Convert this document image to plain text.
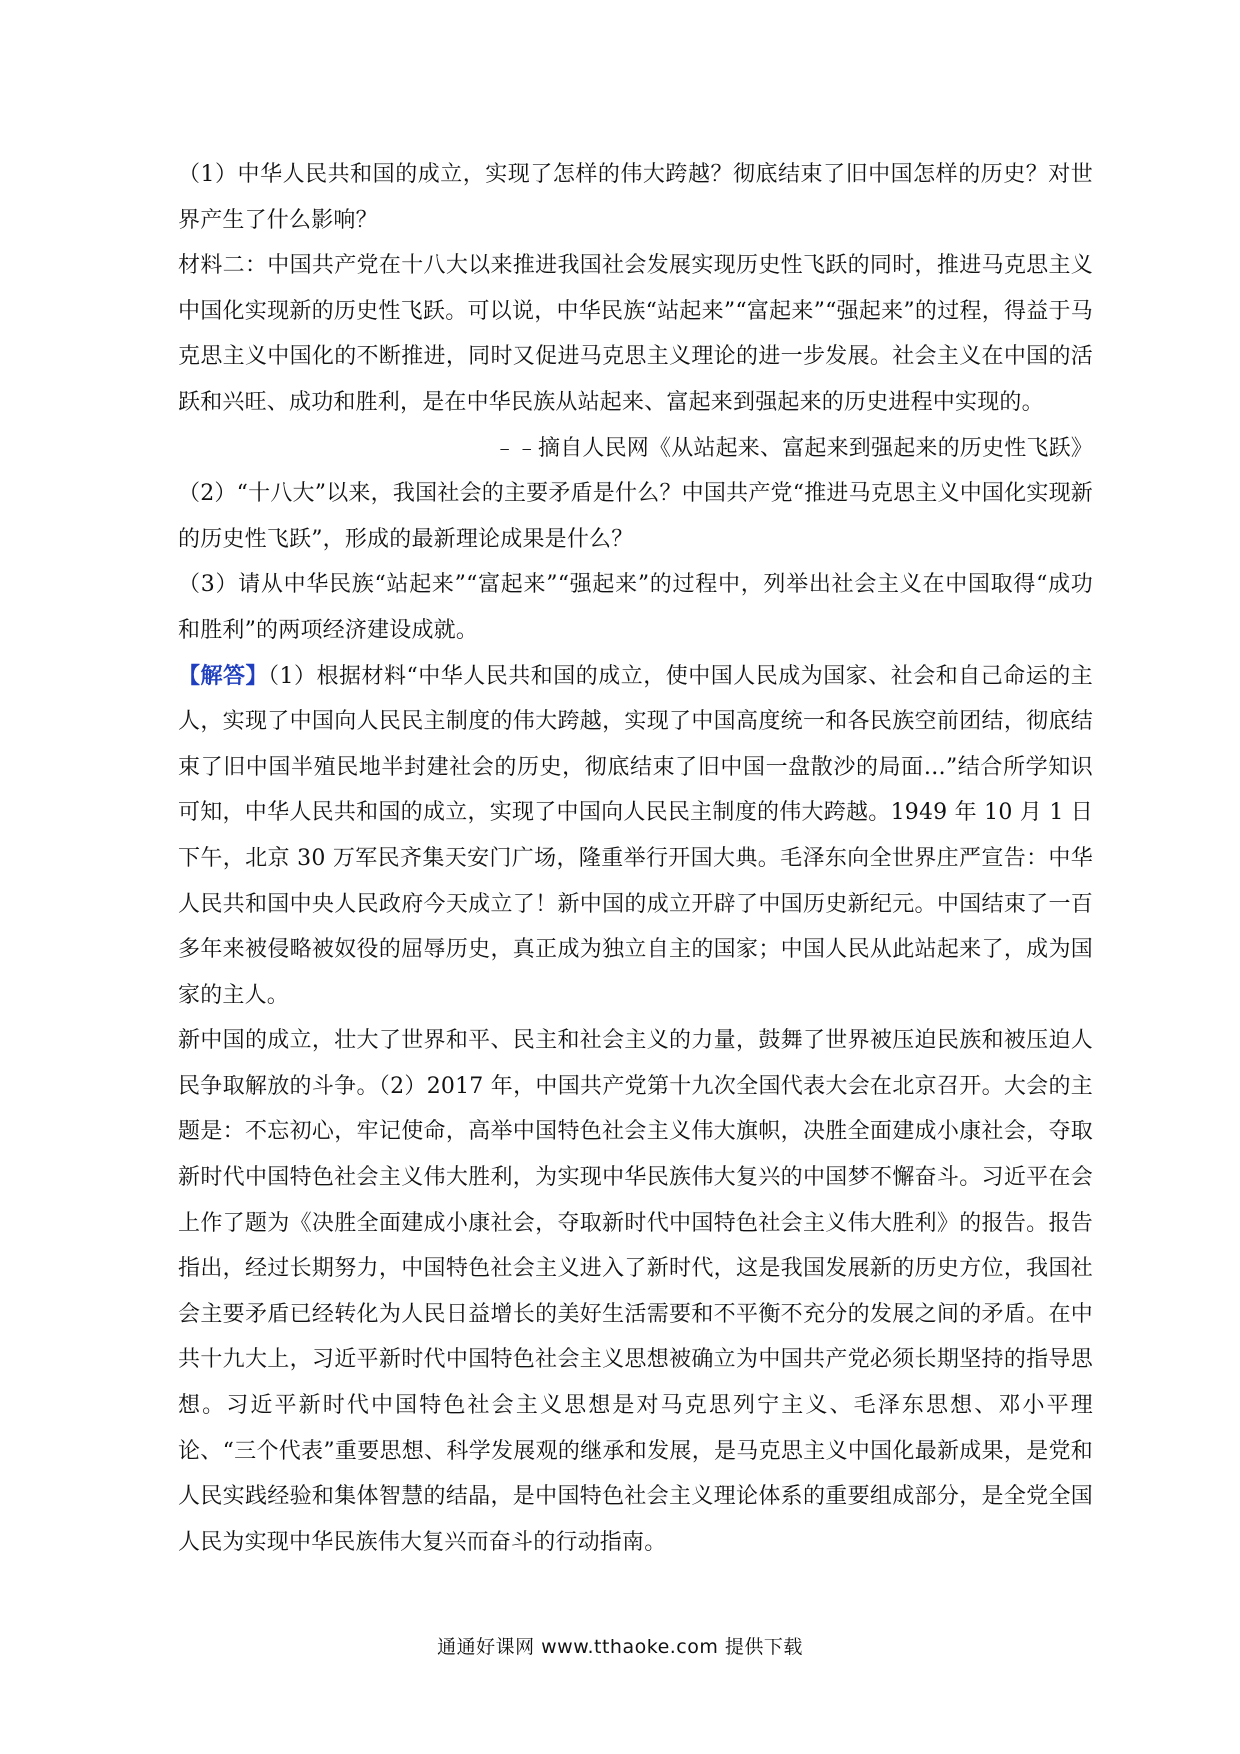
（1）中华人民共和国的成立，实现了怎样的伟大跨越？彻底结束了旧中国怎样的历史？对世界产生了什么影响？

材料二：中国共产党在十八大以来推进我国社会发展实现历史性飞跃的同时，推进马克思主义中国化实现新的历史性飞跃。可以说，中华民族“站起来”“富起来”“强起来”的过程，得益于马克思主义中国化的不断推进，同时又促进马克思主义理论的进一步发展。社会主义在中国的活跃和兴旺、成功和胜利，是在中华民族从站起来、富起来到强起来的历史进程中实现的。

﹣﹣摘自人民网《从站起来、富起来到强起来的历史性飞跃》

（2）“十八大”以来，我国社会的主要矛盾是什么？中国共产党“推进马克思主义中国化实现新的历史性飞跃”，形成的最新理论成果是什么？

（3）请从中华民族“站起来”“富起来”“强起来”的过程中，列举出社会主义在中国取得“成功和胜利”的两项经济建设成就。

【解答】（1）根据材料“中华人民共和国的成立，使中国人民成为国家、社会和自己命运的主人，实现了中国向人民民主制度的伟大跨越，实现了中国高度统一和各民族空前团结，彻底结束了旧中国半殖民地半封建社会的历史，彻底结束了旧中国一盘散沙的局面…”结合所学知识可知，中华人民共和国的成立，实现了中国向人民民主制度的伟大跨越。1949 年 10 月 1 日下午，北京 30 万军民齐集天安门广场，隆重举行开国大典。毛泽东向全世界庄严宣告：中华人民共和国中央人民政府今天成立了！新中国的成立开辟了中国历史新纪元。中国结束了一百多年来被侵略被奴役的屈辱历史，真正成为独立自主的国家；中国人民从此站起来了，成为国家的主人。

新中国的成立，壮大了世界和平、民主和社会主义的力量，鼓舞了世界被压迫民族和被压迫人民争取解放的斗争。（2）2017 年，中国共产党第十九次全国代表大会在北京召开。大会的主题是：不忘初心，牢记使命，高举中国特色社会主义伟大旗帜，决胜全面建成小康社会，夺取新时代中国特色社会主义伟大胜利，为实现中华民族伟大复兴的中国梦不懈奋斗。习近平在会上作了题为《决胜全面建成小康社会，夺取新时代中国特色社会主义伟大胜利》的报告。报告指出，经过长期努力，中国特色社会主义进入了新时代，这是我国发展新的历史方位，我国社会主要矛盾已经转化为人民日益增长的美好生活需要和不平衡不充分的发展之间的矛盾。在中共十九大上，习近平新时代中国特色社会主义思想被确立为中国共产党必须长期坚持的指导思想。习近平新时代中国特色社会主义思想是对马克思列宁主义、毛泽东思想、邓小平理论、“三个代表”重要思想、科学发展观的继承和发展，是马克思主义中国化最新成果，是党和人民实践经验和集体智慧的结晶，是中国特色社会主义理论体系的重要组成部分，是全党全国人民为实现中华民族伟大复兴而奋斗的行动指南。

通通好课网 www.tthaoke.com 提供下载
